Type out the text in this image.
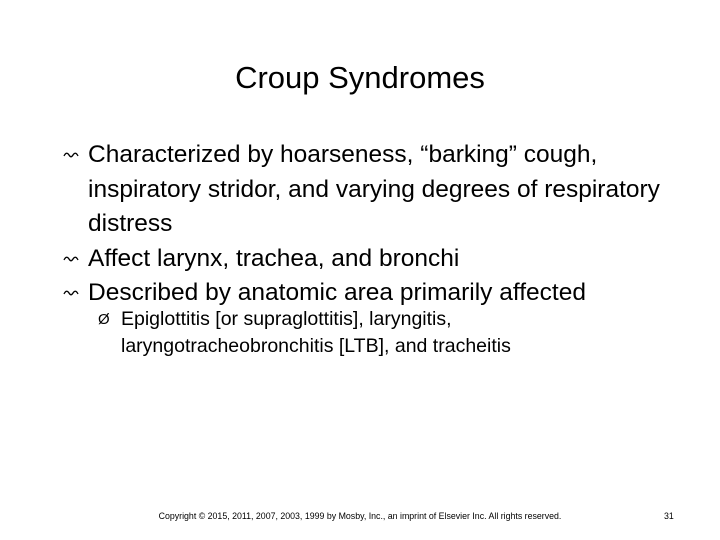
Croup Syndromes
Characterized by hoarseness, “barking” cough, inspiratory stridor, and varying degrees of respiratory distress
Affect larynx, trachea, and bronchi
Described by anatomic area primarily affected
Ø Epiglottitis [or supraglottitis], laryngitis, laryngotracheobronchitis [LTB], and tracheitis
Copyright © 2015, 2011, 2007, 2003, 1999 by Mosby, Inc., an imprint of Elsevier Inc. All rights reserved.	31
